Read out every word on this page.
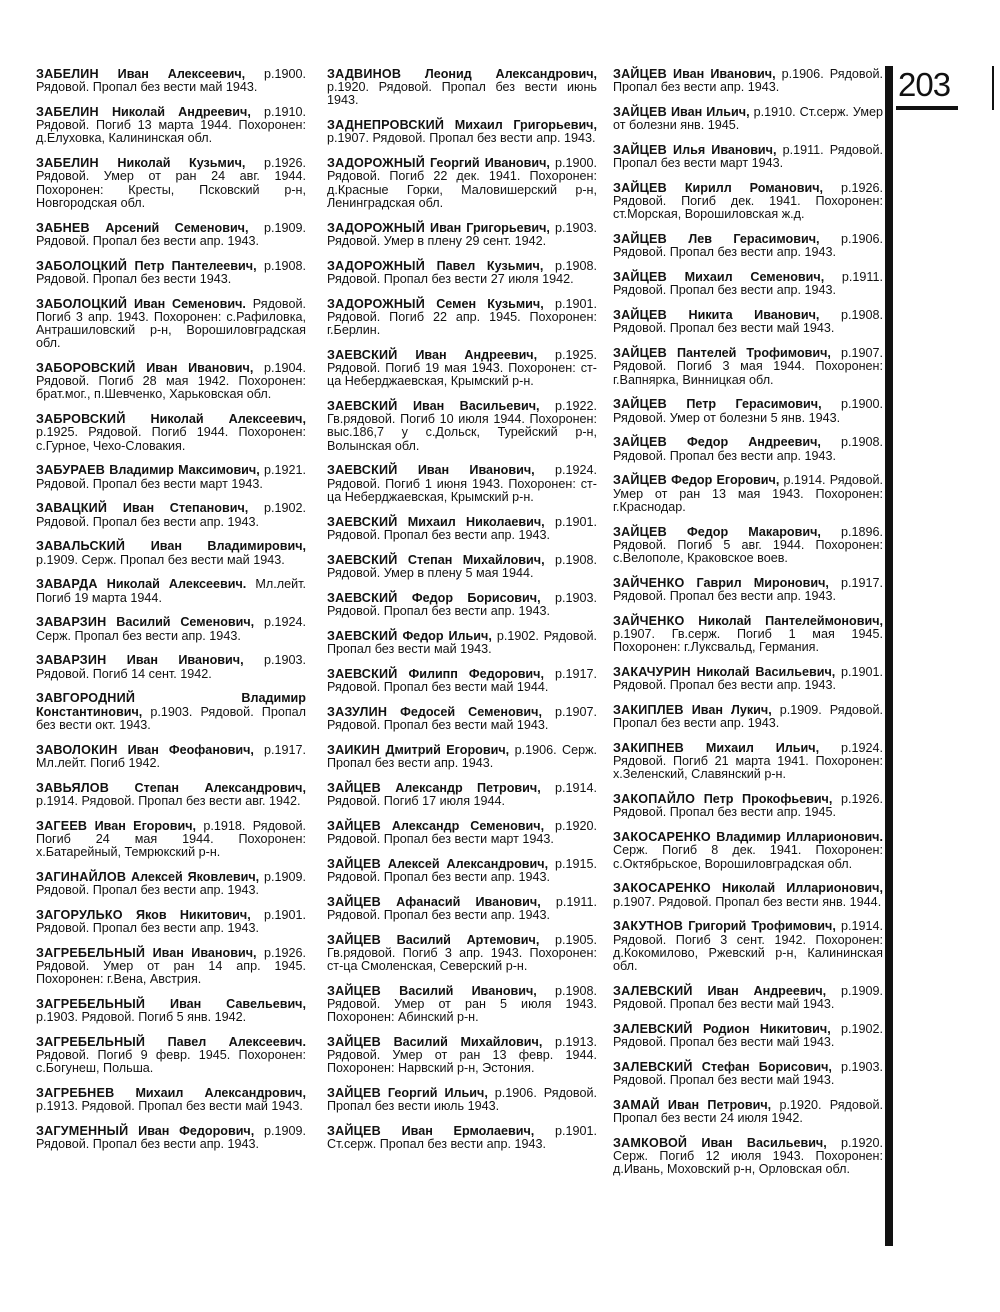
203

ЗАБЕЛИН Иван Алексеевич, р.1900. Рядовой. Пропал без вести май 1943.

ЗАБЕЛИН Николай Андреевич, р.1910. Рядовой. Погиб 13 марта 1944. Похоронен: д.Елуховка, Калининская обл.

ЗАБЕЛИН Николай Кузьмич, р.1926. Рядовой. Умер от ран 24 авг. 1944. Похоронен: Кресты, Псковский р-н, Новгородская обл.

ЗАБНЕВ Арсений Семенович, р.1909. Рядовой. Пропал без вести апр. 1943.

ЗАБОЛОЦКИЙ Петр Пантелеевич, р.1908. Рядовой. Пропал без вести 1943.

ЗАБОЛОЦКИЙ Иван Семенович. Рядовой. Погиб 3 апр. 1943. Похоронен: с.Рафиловка, Антрашиловский р-н, Ворошиловградская обл.

ЗАБОРОВСКИЙ Иван Иванович, р.1904. Рядовой. Погиб 28 мая 1942. Похоронен: брат.мог., п.Шевченко, Харьковская обл.

ЗАБРОВСКИЙ Николай Алексеевич, р.1925. Рядовой. Погиб 1944. Похоронен: с.Гурное, Чехо-Словакия.

ЗАБУРАЕВ Владимир Максимович, р.1921. Рядовой. Пропал без вести март 1943.

ЗАВАЦКИЙ Иван Степанович, р.1902. Рядовой. Пропал без вести апр. 1943.

ЗАВАЛЬСКИЙ Иван Владимирович, р.1909. Серж. Пропал без вести май 1943.

ЗАВАРДА Николай Алексеевич. Мл.лейт. Погиб 19 марта 1944.

ЗАВАРЗИН Василий Семенович, р.1924. Серж. Пропал без вести апр. 1943.

ЗАВАРЗИН Иван Иванович, р.1903. Рядовой. Погиб 14 сент. 1942.

ЗАВГОРОДНИЙ	Владимир Константинович, р.1903. Рядовой. Пропал без вести окт. 1943.

ЗАВОЛОКИН Иван Феофанович, р.1917. Мл.лейт. Погиб 1942.

ЗАВЬЯЛОВ Степан Александрович, р.1914. Рядовой. Пропал без вести авг. 1942.

ЗАГЕЕВ Иван Егорович, р.1918. Рядовой. Погиб 24 мая 1944. Похоронен: х.Батарейный, Темрюкский р-н.

ЗАГИНАЙЛОВ Алексей Яковлевич, р.1909. Рядовой. Пропал без вести апр. 1943.

ЗАГОРУЛЬКО Яков Никитович, р.1901. Рядовой. Пропал без вести апр. 1943.

ЗАГРЕБЕЛЬНЫЙ Иван Иванович, р.1926. Рядовой. Умер от ран 14 апр. 1945. Похоронен: г.Вена, Австрия.

ЗАГРЕБЕЛЬНЫЙ Иван Савельевич, р.1903. Рядовой. Погиб 5 янв. 1942.

ЗАГРЕБЕЛЬНЫЙ Павел Алексеевич. Рядовой. Погиб 9 февр. 1945. Похоронен: с.Богунеш, Польша.

ЗАГРЕБНЕВ Михаил Александрович, р.1913. Рядовой. Пропал без вести май 1943.

ЗАГУМЕННЫЙ Иван Федорович, р.1909. Рядовой. Пропал без вести апр. 1943.

ЗАДВИНОВ Леонид Александрович, р.1920. Рядовой. Пропал без вести июнь 1943.

ЗАДНЕПРОВСКИЙ Михаил Григорьевич, р.1907. Рядовой. Пропал без вести апр. 1943.

ЗАДОРОЖНЫЙ Георгий Иванович, р.1900. Рядовой. Погиб 22 дек. 1941. Похоронен: д.Красные Горки, Маловишерский р-н, Ленинградская обл.

ЗАДОРОЖНЫЙ Иван Григорьевич, р.1903. Рядовой. Умер в плену 29 сент. 1942.

ЗАДОРОЖНЫЙ Павел Кузьмич, р.1908. Рядовой. Пропал без вести 27 июля 1942.

ЗАДОРОЖНЫЙ Семен Кузьмич, р.1901. Рядовой. Погиб 22 апр. 1945. Похоронен: г.Берлин.

ЗАЕВСКИЙ Иван Андреевич, р.1925. Рядовой. Погиб 19 мая 1943. Похоронен: ст-ца Неберджаевская, Крымский р-н.

ЗАЕВСКИЙ Иван Васильевич, р.1922. Гв.рядовой. Погиб 10 июля 1944. Похоронен: выс.186,7 у с.Дольск, Турейский р-н, Волынская обл.

ЗАЕВСКИЙ Иван Иванович, р.1924. Рядовой. Погиб 1 июня 1943. Похоронен: ст-ца Неберджаевская, Крымский р-н.

ЗАЕВСКИЙ Михаил Николаевич, р.1901. Рядовой. Пропал без вести апр. 1943.

ЗАЕВСКИЙ Степан Михайлович, р.1908. Рядовой. Умер в плену 5 мая 1944.

ЗАЕВСКИЙ Федор Борисович, р.1903. Рядовой. Пропал без вести апр. 1943.

ЗАЕВСКИЙ Федор Ильич, р.1902. Рядовой. Пропал без вести май 1943.

ЗАЕВСКИЙ Филипп Федорович, р.1917. Рядовой. Пропал без вести май 1944.

ЗАЗУЛИН Федосей Семенович, р.1907. Рядовой. Пропал без вести май 1943.

ЗАИКИН Дмитрий Егорович, р.1906. Серж. Пропал без вести апр. 1943.

ЗАЙЦЕВ Александр Петрович, р.1914. Рядовой. Погиб 17 июля 1944.

ЗАЙЦЕВ Александр Семенович, р.1920. Рядовой. Пропал без вести март 1943.

ЗАЙЦЕВ Алексей Александрович, р.1915. Рядовой. Пропал без вести апр. 1943.

ЗАЙЦЕВ Афанасий Иванович, р.1911. Рядовой. Пропал без вести апр. 1943.

ЗАЙЦЕВ Василий Артемович, р.1905. Гв.рядовой. Погиб 3 апр. 1943. Похоронен: ст-ца Смоленская, Северский р-н.

ЗАЙЦЕВ Василий Иванович, р.1908. Рядовой. Умер от ран 5 июля 1943. Похоронен: Абинский р-н.

ЗАЙЦЕВ Василий Михайлович, р.1913. Рядовой. Умер от ран 13 февр. 1944. Похоронен: Нарвский р-н, Эстония.

ЗАЙЦЕВ Георгий Ильич, р.1906. Рядовой. Пропал без вести июль 1943.

ЗАЙЦЕВ Иван Ермолаевич, р.1901. Ст.серж. Пропал без вести апр. 1943.

ЗАЙЦЕВ Иван Иванович, р.1906. Рядовой. Пропал без вести апр. 1943.

ЗАЙЦЕВ Иван Ильич, р.1910. Ст.серж. Умер от болезни янв. 1945.

ЗАЙЦЕВ Илья Иванович, р.1911. Рядовой. Пропал без вести март 1943.

ЗАЙЦЕВ Кирилл Романович, р.1926. Рядовой. Погиб дек. 1941. Похоронен: ст.Морская, Ворошиловская ж.д.

ЗАЙЦЕВ Лев Герасимович, р.1906. Рядовой. Пропал без вести апр. 1943.

ЗАЙЦЕВ Михаил Семенович, р.1911. Рядовой. Пропал без вести апр. 1943.

ЗАЙЦЕВ Никита Иванович, р.1908. Рядовой. Пропал без вести май 1943.

ЗАЙЦЕВ Пантелей Трофимович, р.1907. Рядовой. Погиб 3 мая 1944. Похоронен: г.Вапнярка, Винницкая обл.

ЗАЙЦЕВ Петр Герасимович, р.1900. Рядовой. Умер от болезни 5 янв. 1943.

ЗАЙЦЕВ Федор Андреевич, р.1908. Рядовой. Пропал без вести апр. 1943.

ЗАЙЦЕВ Федор Егорович, р.1914. Рядовой. Умер от ран 13 мая 1943. Похоронен: г.Краснодар.

ЗАЙЦЕВ Федор Макарович, р.1896. Рядовой. Погиб 5 авг. 1944. Похоронен: с.Велополе, Краковское воев.

ЗАЙЧЕНКО Гаврил Миронович, р.1917. Рядовой. Пропал без вести апр. 1943.

ЗАЙЧЕНКО Николай Пантелеймонович, р.1907. Гв.серж. Погиб 1 мая 1945. Похоронен: г.Луксвальд, Германия.

ЗАКАЧУРИН Николай Васильевич, р.1901. Рядовой. Пропал без вести апр. 1943.

ЗАКИПЛЕВ Иван Лукич, р.1909. Рядовой. Пропал без вести апр. 1943.

ЗАКИПНЕВ Михаил Ильич, р.1924. Рядовой. Погиб 21 марта 1941. Похоронен: х.Зеленский, Славянский р-н.

ЗАКОПАЙЛО Петр Прокофьевич, р.1926. Рядовой. Пропал без вести апр. 1945.

ЗАКОСАРЕНКО Владимир Илларионович. Серж. Погиб 8 дек. 1941. Похоронен: с.Октябрьское, Ворошиловградская обл.

ЗАКОСАРЕНКО Николай Илларионович, р.1907. Рядовой. Пропал без вести янв. 1944.

ЗАКУТНОВ Григорий Трофимович, р.1914. Рядовой. Погиб 3 сент. 1942. Похоронен: д.Кокомилово, Ржевский р-н, Калининская обл.

ЗАЛЕВСКИЙ Иван Андреевич, р.1909. Рядовой. Пропал без вести май 1943.

ЗАЛЕВСКИЙ Родион Никитович, р.1902. Рядовой. Пропал без вести май 1943.

ЗАЛЕВСКИЙ Стефан Борисович, р.1903. Рядовой. Пропал без вести май 1943.

ЗАМАЙ Иван Петрович, р.1920. Рядовой. Пропал без вести 24 июля 1942.

ЗАМКОВОЙ Иван Васильевич, р.1920. Серж. Погиб 12 июля 1943. Похоронен: д.Ивань, Моховский р-н, Орловская обл.
